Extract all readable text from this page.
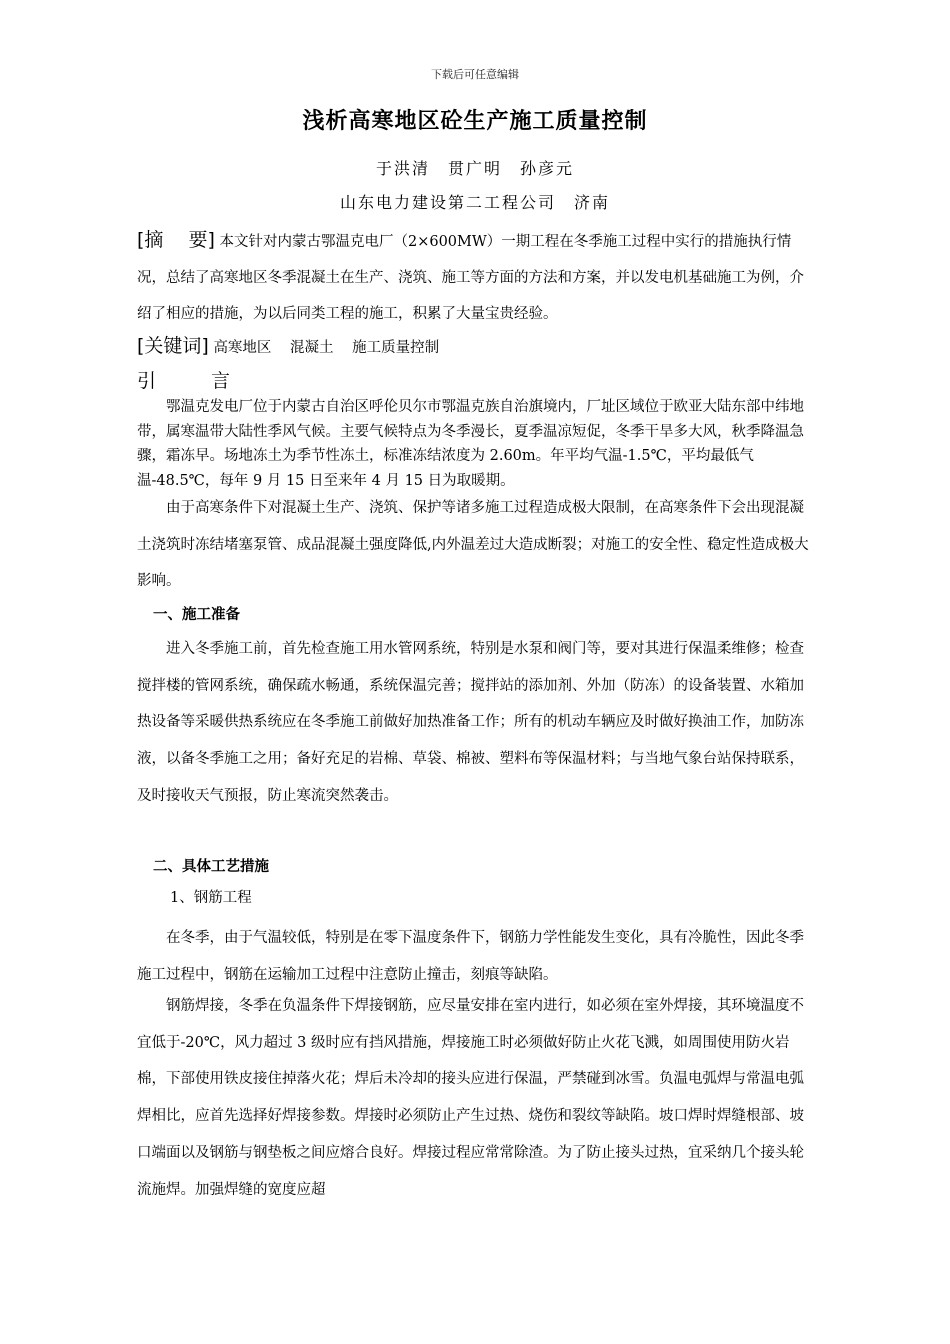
下载后可任意编辑
浅析高寒地区砼生产施工质量控制
于洪清　贯广明　孙彦元
山东电力建设第二工程公司　济南
[摘　 要] 本文针对内蒙古鄂温克电厂（2×600MW）一期工程在冬季施工过程中实行的措施执行情况，总结了高寒地区冬季混凝土在生产、浇筑、施工等方面的方法和方案，并以发电机基础施工为例，介绍了相应的措施，为以后同类工程的施工，积累了大量宝贵经验。
[关键词] 高寒地区 混凝土 施工质量控制
引　言
鄂温克发电厂位于内蒙古自治区呼伦贝尔市鄂温克族自治旗境内，厂址区域位于欧亚大陆东部中纬地带，属寒温带大陆性季风气候。主要气候特点为冬季漫长，夏季温凉短促，冬季干旱多大风，秋季降温急骤，霜冻早。场地冻土为季节性冻土，标准冻结浓度为 2.60m。年平均气温-1.5℃，平均最低气温-48.5℃，每年 9 月 15 日至来年 4 月 15 日为取暖期。
由于高寒条件下对混凝土生产、浇筑、保护等诸多施工过程造成极大限制，在高寒条件下会出现混凝土浇筑时冻结堵塞泵管、成品混凝土强度降低,内外温差过大造成断裂；对施工的安全性、稳定性造成极大影响。
一、施工准备
进入冬季施工前，首先检查施工用水管网系统，特别是水泵和阀门等，要对其进行保温柔维修；检查搅拌楼的管网系统，确保疏水畅通，系统保温完善；搅拌站的添加剂、外加（防冻）的设备装置、水箱加热设备等采暖供热系统应在冬季施工前做好加热准备工作；所有的机动车辆应及时做好换油工作，加防冻液，以备冬季施工之用；备好充足的岩棉、草袋、棉被、塑料布等保温材料；与当地气象台站保持联系，及时接收天气预报，防止寒流突然袭击。
二、具体工艺措施
1、钢筋工程
在冬季，由于气温较低，特别是在零下温度条件下，钢筋力学性能发生变化，具有冷脆性，因此冬季施工过程中，钢筋在运输加工过程中注意防止撞击，刻痕等缺陷。
钢筋焊接，冬季在负温条件下焊接钢筋，应尽量安排在室内进行，如必须在室外焊接，其环境温度不宜低于-20℃，风力超过 3 级时应有挡风措施，焊接施工时必须做好防止火花飞溅，如周围使用防火岩棉，下部使用铁皮接住掉落火花；焊后未冷却的接头应进行保温，严禁碰到冰雪。负温电弧焊与常温电弧焊相比，应首先选择好焊接参数。焊接时必须防止产生过热、烧伤和裂纹等缺陷。坡口焊时焊缝根部、坡口端面以及钢筋与钢垫板之间应熔合良好。焊接过程应常常除渣。为了防止接头过热，宜采纳几个接头轮流施焊。加强焊缝的宽度应超
